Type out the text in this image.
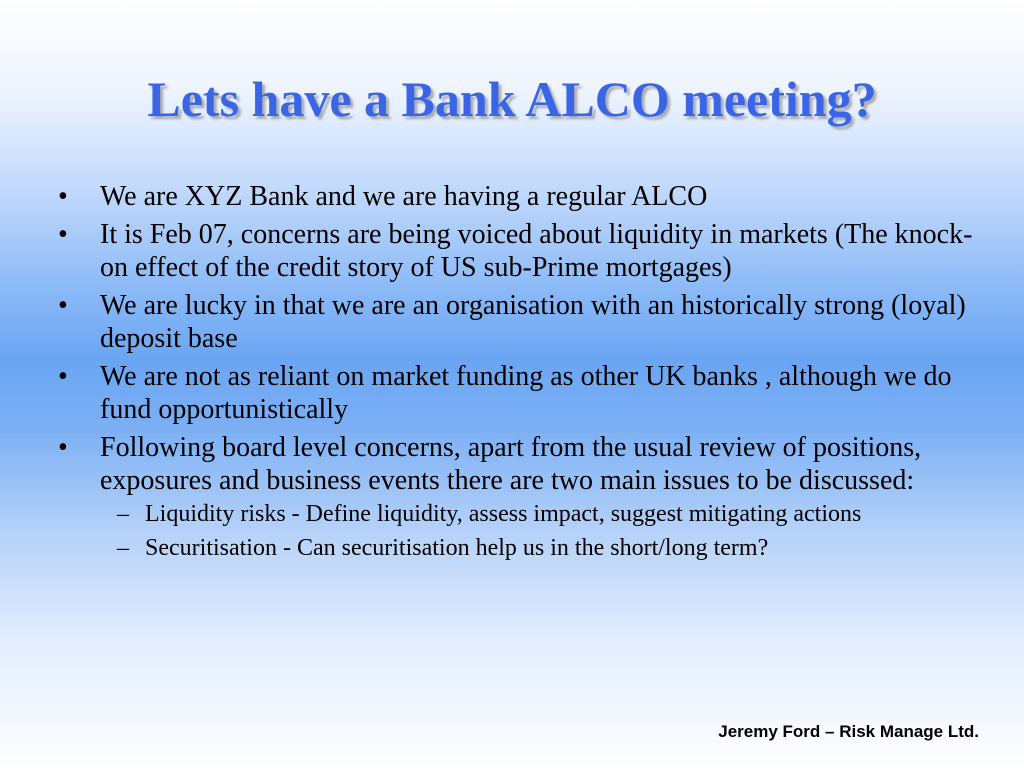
Lets have a Bank ALCO meeting?
• We are XYZ Bank and we are having a regular ALCO
• It is Feb 07, concerns are being voiced about liquidity in markets (The knock-on effect of the credit story of US sub-Prime mortgages)
• We are lucky in that we are an organisation with an historically strong (loyal) deposit base
• We are not as reliant on market funding as other UK banks , although we do fund opportunistically
• Following board level concerns, apart from the usual review of positions, exposures and business events there are two main issues to be discussed:
– Liquidity risks - Define liquidity, assess impact, suggest mitigating actions
– Securitisation - Can securitisation help us in the short/long term?
Jeremy Ford – Risk Manage Ltd.
